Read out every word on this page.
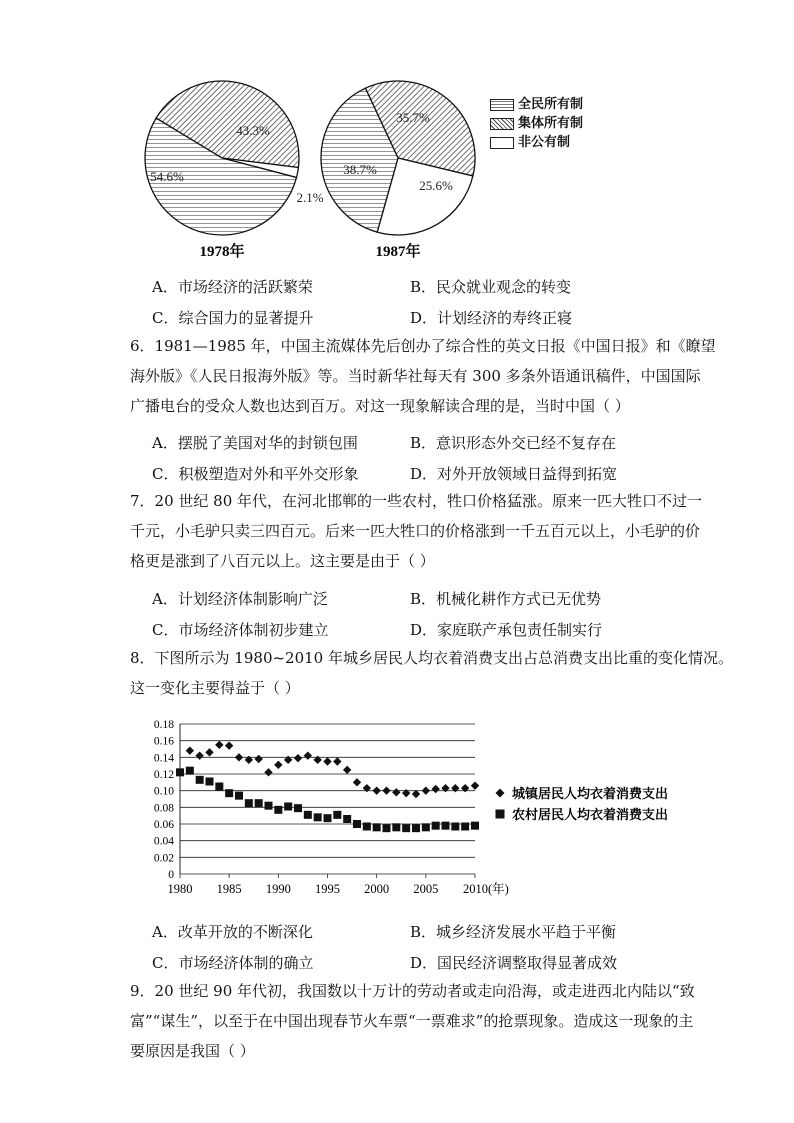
54.6%
43.3%
2.1%
38.7%
35.7%
25.6%
1978年	1987年
全民所有制
集体所有制
非公有制
A．市场经济的活跃繁荣	B．民众就业观念的转变
C．综合国力的显著提升	D．计划经济的寿终正寝
6．1981—1985 年，中国主流媒体先后创办了综合性的英文日报《中国日报》和《瞭望
海外版》《人民日报海外版》等。当时新华社每天有 300 多条外语通讯稿件，中国国际
广播电台的受众人数也达到百万。对这一现象解读合理的是，当时中国（ ）
A．摆脱了美国对华的封锁包围	B．意识形态外交已经不复存在
C．积极塑造对外和平外交形象	D．对外开放领域日益得到拓宽
7．20 世纪 80 年代，在河北邯郸的一些农村，牲口价格猛涨。原来一匹大牲口不过一
千元，小毛驴只卖三四百元。后来一匹大牲口的价格涨到一千五百元以上，小毛驴的价
格更是涨到了八百元以上。这主要是由于（ ）
A．计划经济体制影响广泛	B．机械化耕作方式已无优势
C．市场经济体制初步建立	D．家庭联产承包责任制实行
8．下图所示为 1980~2010 年城乡居民人均衣着消费支出占总消费支出比重的变化情况。
这一变化主要得益于（ ）
0
0.02
0.04
0.06
0.08
0.10
0.12
0.14
0.16
0.18
1980 1985 1990 1995 2000 2005 2010(年)
城镇居民人均衣着消费支出
农村居民人均衣着消费支出
A．改革开放的不断深化	B．城乡经济发展水平趋于平衡
C．市场经济体制的确立	D．国民经济调整取得显著成效
9．20 世纪 90 年代初，我国数以十万计的劳动者或走向沿海，或走进西北内陆以“致
富”“谋生”，以至于在中国出现春节火车票“一票难求”的抢票现象。造成这一现象的主
要原因是我国（ ）
